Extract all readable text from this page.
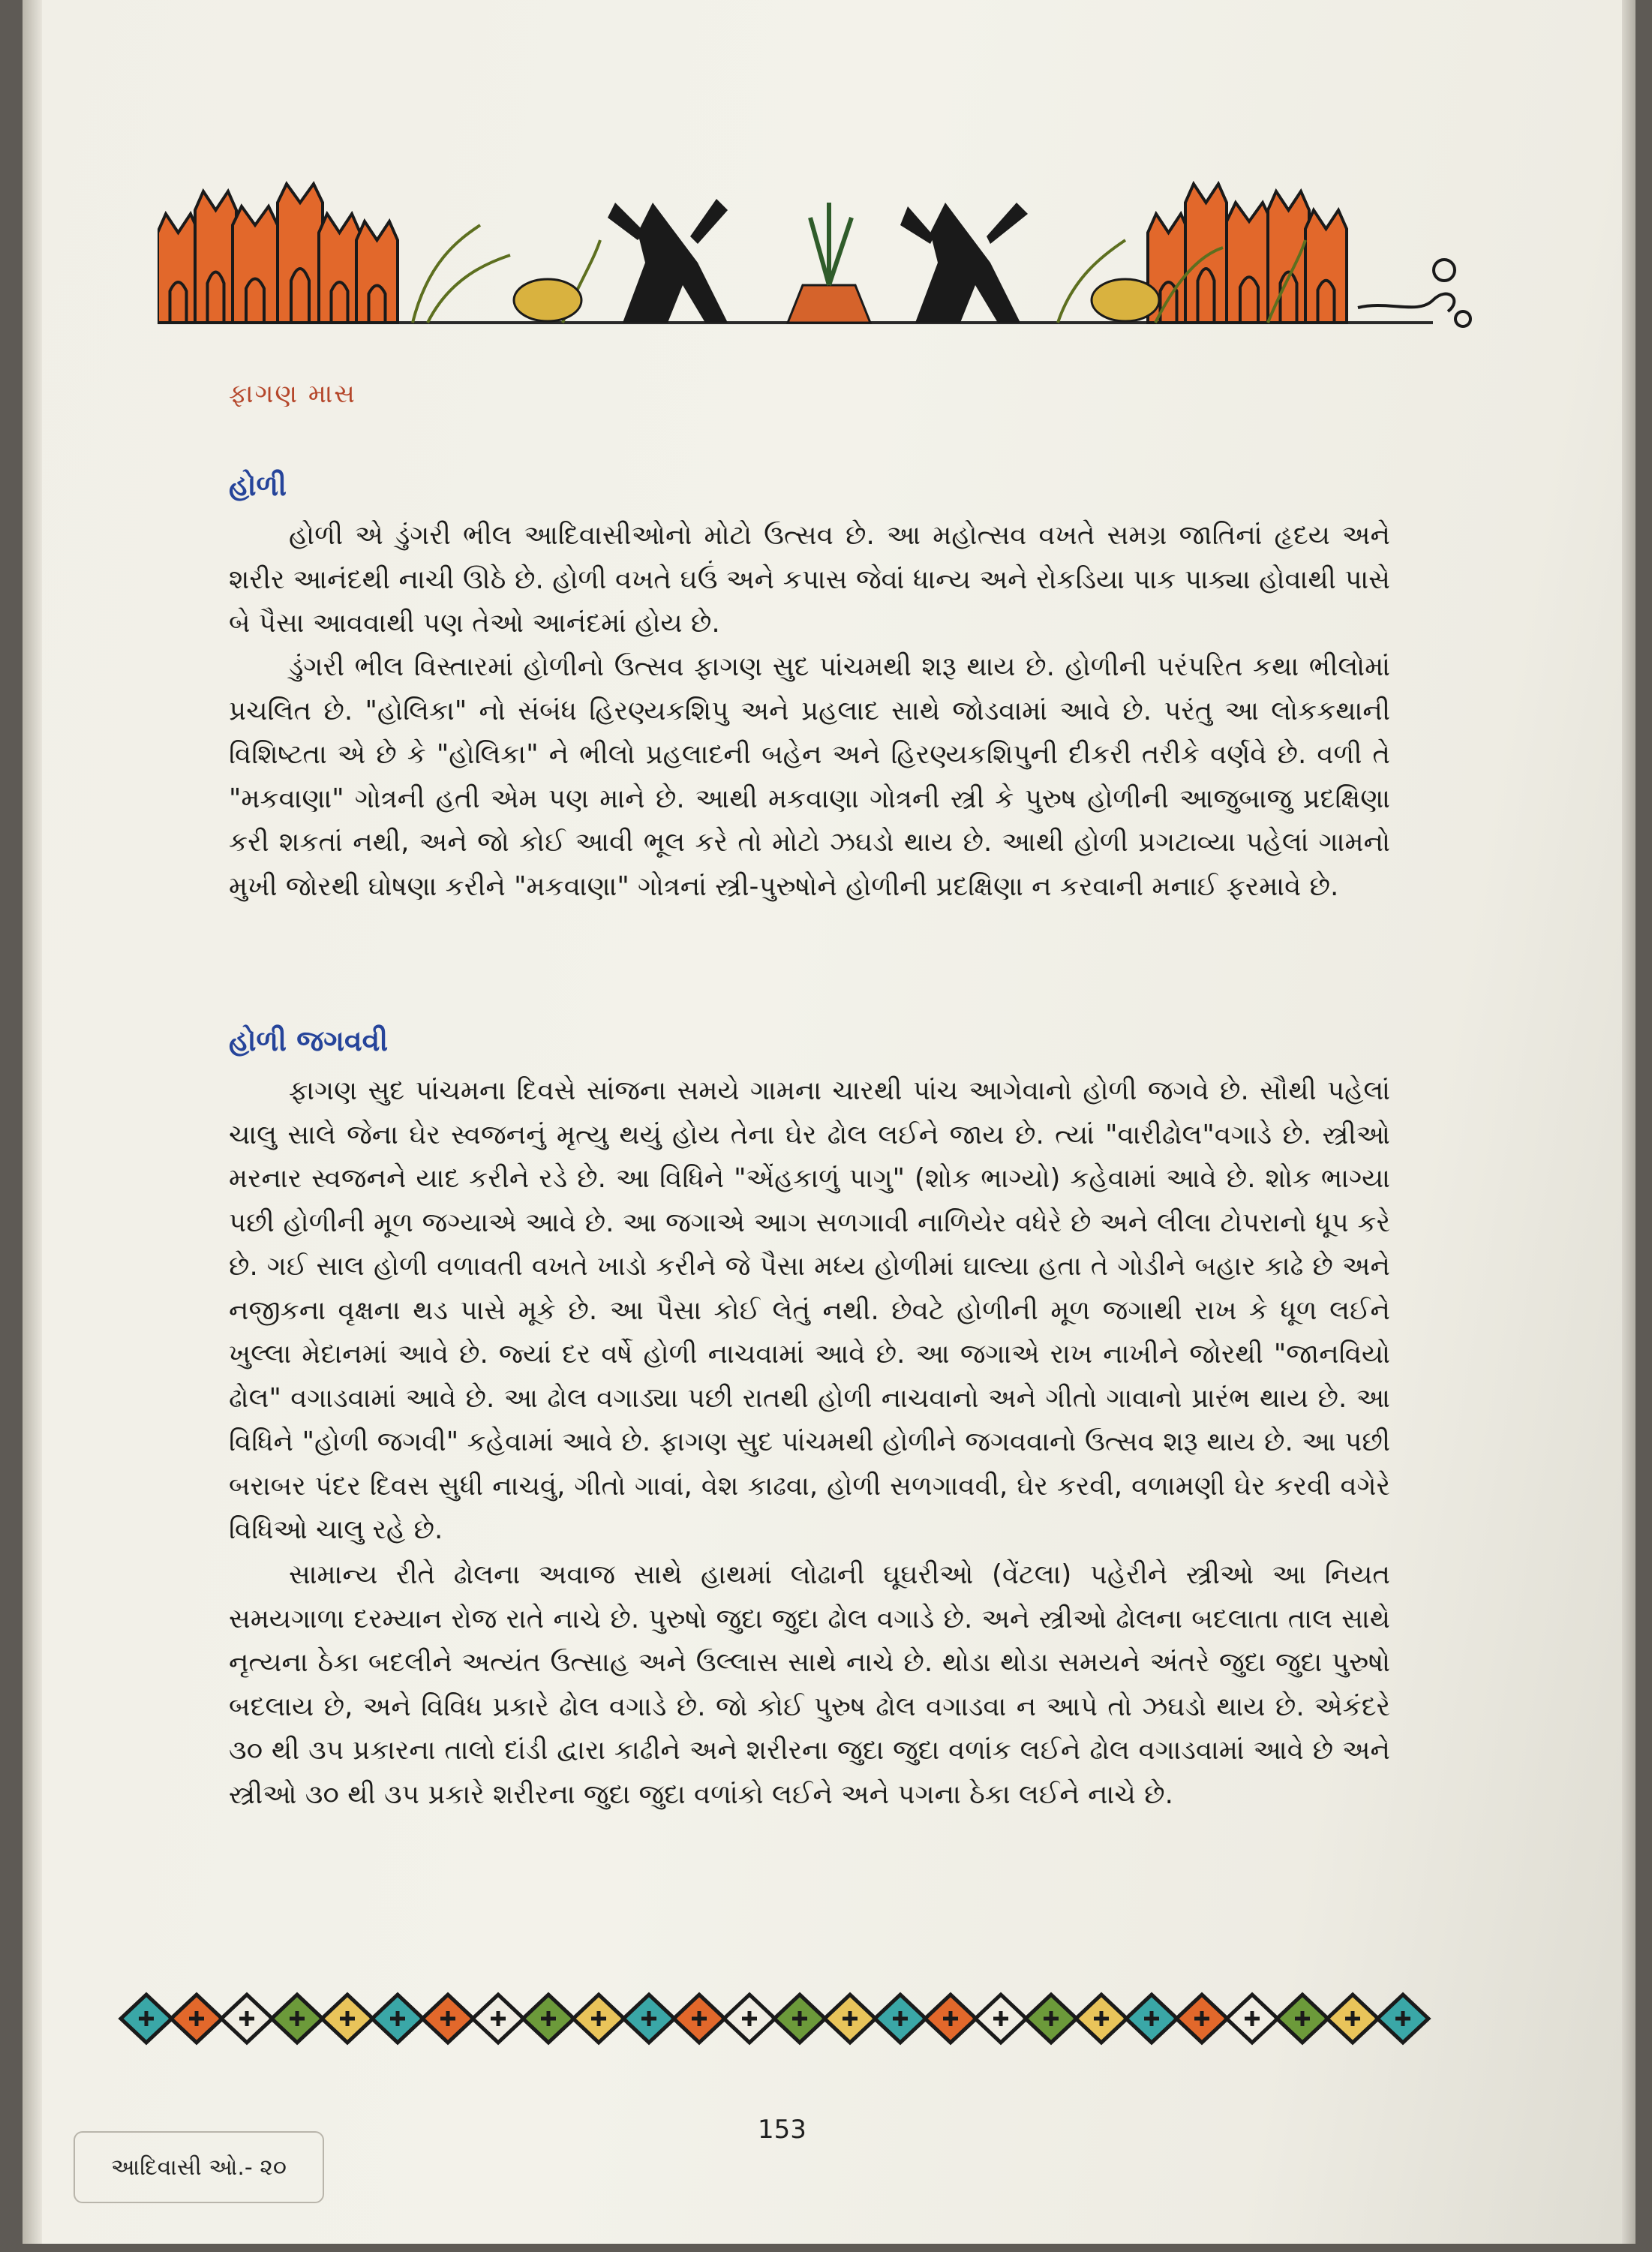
ફાગણ માસ
હોળી

હોળી એ ડુંગરી ભીલ આદિવાસીઓનો મોટો ઉત્સવ છે. આ મહોત્સવ વખતે સમગ્ર જાતિનાં હૃદય અને શરીર આનંદથી નાચી ઊઠે છે. હોળી વખતે ઘઉં અને કપાસ જેવાં ધાન્ય અને રોકડિયા પાક પાક્યા હોવાથી પાસે બે પૈસા આવવાથી પણ તેઓ આનંદમાં હોય છે.

ડુંગરી ભીલ વિસ્તારમાં હોળીનો ઉત્સવ ફાગણ સુદ પાંચમથી શરૂ થાય છે. હોળીની પરંપરિત કથા ભીલોમાં પ્રચલિત છે. "હોલિકા" નો સંબંધ હિરણ્યકશિપુ અને પ્રહલાદ સાથે જોડવામાં આવે છે. પરંતુ આ લોકકથાની વિશિષ્ટતા એ છે કે "હોલિકા" ને ભીલો પ્રહલાદની બહેન અને હિરણ્યકશિપુની દીકરી તરીકે વર્ણવે છે. વળી તે "મકવાણા" ગોત્રની હતી એમ પણ માને છે. આથી મકવાણા ગોત્રની સ્ત્રી કે પુરુષ હોળીની આજુબાજુ પ્રદક્ષિણા કરી શકતાં નથી, અને જો કોઈ આવી ભૂલ કરે તો મોટો ઝઘડો થાય છે. આથી હોળી પ્રગટાવ્યા પહેલાં ગામનો મુખી જોરથી ઘોષણા કરીને "મકવાણા" ગોત્રનાં સ્ત્રી-પુરુષોને હોળીની પ્રદક્ષિણા ન કરવાની મનાઈ ફરમાવે છે.

હોળી જગવવી

ફાગણ સુદ પાંચમના દિવસે સાંજના સમયે ગામના ચારથી પાંચ આગેવાનો હોળી જગવે છે. સૌથી પહેલાં ચાલુ સાલે જેના ઘેર સ્વજનનું મૃત્યુ થયું હોય તેના ઘેર ઢોલ લઈને જાય છે. ત્યાં "વારીઢોલ"વગાડે છે. સ્ત્રીઓ મરનાર સ્વજનને યાદ કરીને રડે છે. આ વિધિને "એંહકાળું પાગુ" (શોક ભાગ્યો) કહેવામાં આવે છે. શોક ભાગ્યા પછી હોળીની મૂળ જગ્યાએ આવે છે. આ જગાએ આગ સળગાવી નાળિયેર વધેરે છે અને લીલા ટોપરાનો ધૂપ કરે છે. ગઈ સાલ હોળી વળાવતી વખતે ખાડો કરીને જે પૈસા મધ્ય હોળીમાં ઘાલ્યા હતા તે ગોડીને બહાર કાઢે છે અને નજીકના વૃક્ષના થડ પાસે મૂકે છે. આ પૈસા કોઈ લેતું નથી. છેવટે હોળીની મૂળ જગાથી રાખ કે ધૂળ લઈને ખુલ્લા મેદાનમાં આવે છે. જ્યાં દર વર્ષે હોળી નાચવામાં આવે છે. આ જગાએ રાખ નાખીને જોરથી "જાનવિયો ઢોલ" વગાડવામાં આવે છે. આ ઢોલ વગાડ્યા પછી રાતથી હોળી નાચવાનો અને ગીતો ગાવાનો પ્રારંભ થાય છે. આ વિધિને "હોળી જગવી" કહેવામાં આવે છે. ફાગણ સુદ પાંચમથી હોળીને જગવવાનો ઉત્સવ શરૂ થાય છે. આ પછી બરાબર પંદર દિવસ સુધી નાચવું, ગીતો ગાવાં, વેશ કાઢવા, હોળી સળગાવવી, ઘેર કરવી, વળામણી ઘેર કરવી વગેરે વિધિઓ ચાલુ રહે છે.

સામાન્ય રીતે ઢોલના અવાજ સાથે હાથમાં લોઢાની ઘૂઘરીઓ (વેંટલા) પહેરીને સ્ત્રીઓ આ નિયત સમયગાળા દરમ્યાન રોજ રાતે નાચે છે. પુરુષો જુદા જુદા ઢોલ વગાડે છે. અને સ્ત્રીઓ ઢોલના બદલાતા તાલ સાથે નૃત્યના ઠેકા બદલીને અત્યંત ઉત્સાહ અને ઉલ્લાસ સાથે નાચે છે. થોડા થોડા સમયને અંતરે જુદા જુદા પુરુષો બદલાય છે, અને વિવિધ પ્રકારે ઢોલ વગાડે છે. જો કોઈ પુરુષ ઢોલ વગાડવા ન આપે તો ઝઘડો થાય છે. એકંદરે ૩૦ થી ૩૫ પ્રકારના તાલો દાંડી દ્વારા કાઢીને અને શરીરના જુદા જુદા વળાંક લઈને ઢોલ વગાડવામાં આવે છે અને સ્ત્રીઓ ૩૦ થી ૩૫ પ્રકારે શરીરના જુદા જુદા વળાંકો લઈને અને પગના ઠેકા લઈને નાચે છે.

153
આદિવાસી ઓ.- ૨૦
